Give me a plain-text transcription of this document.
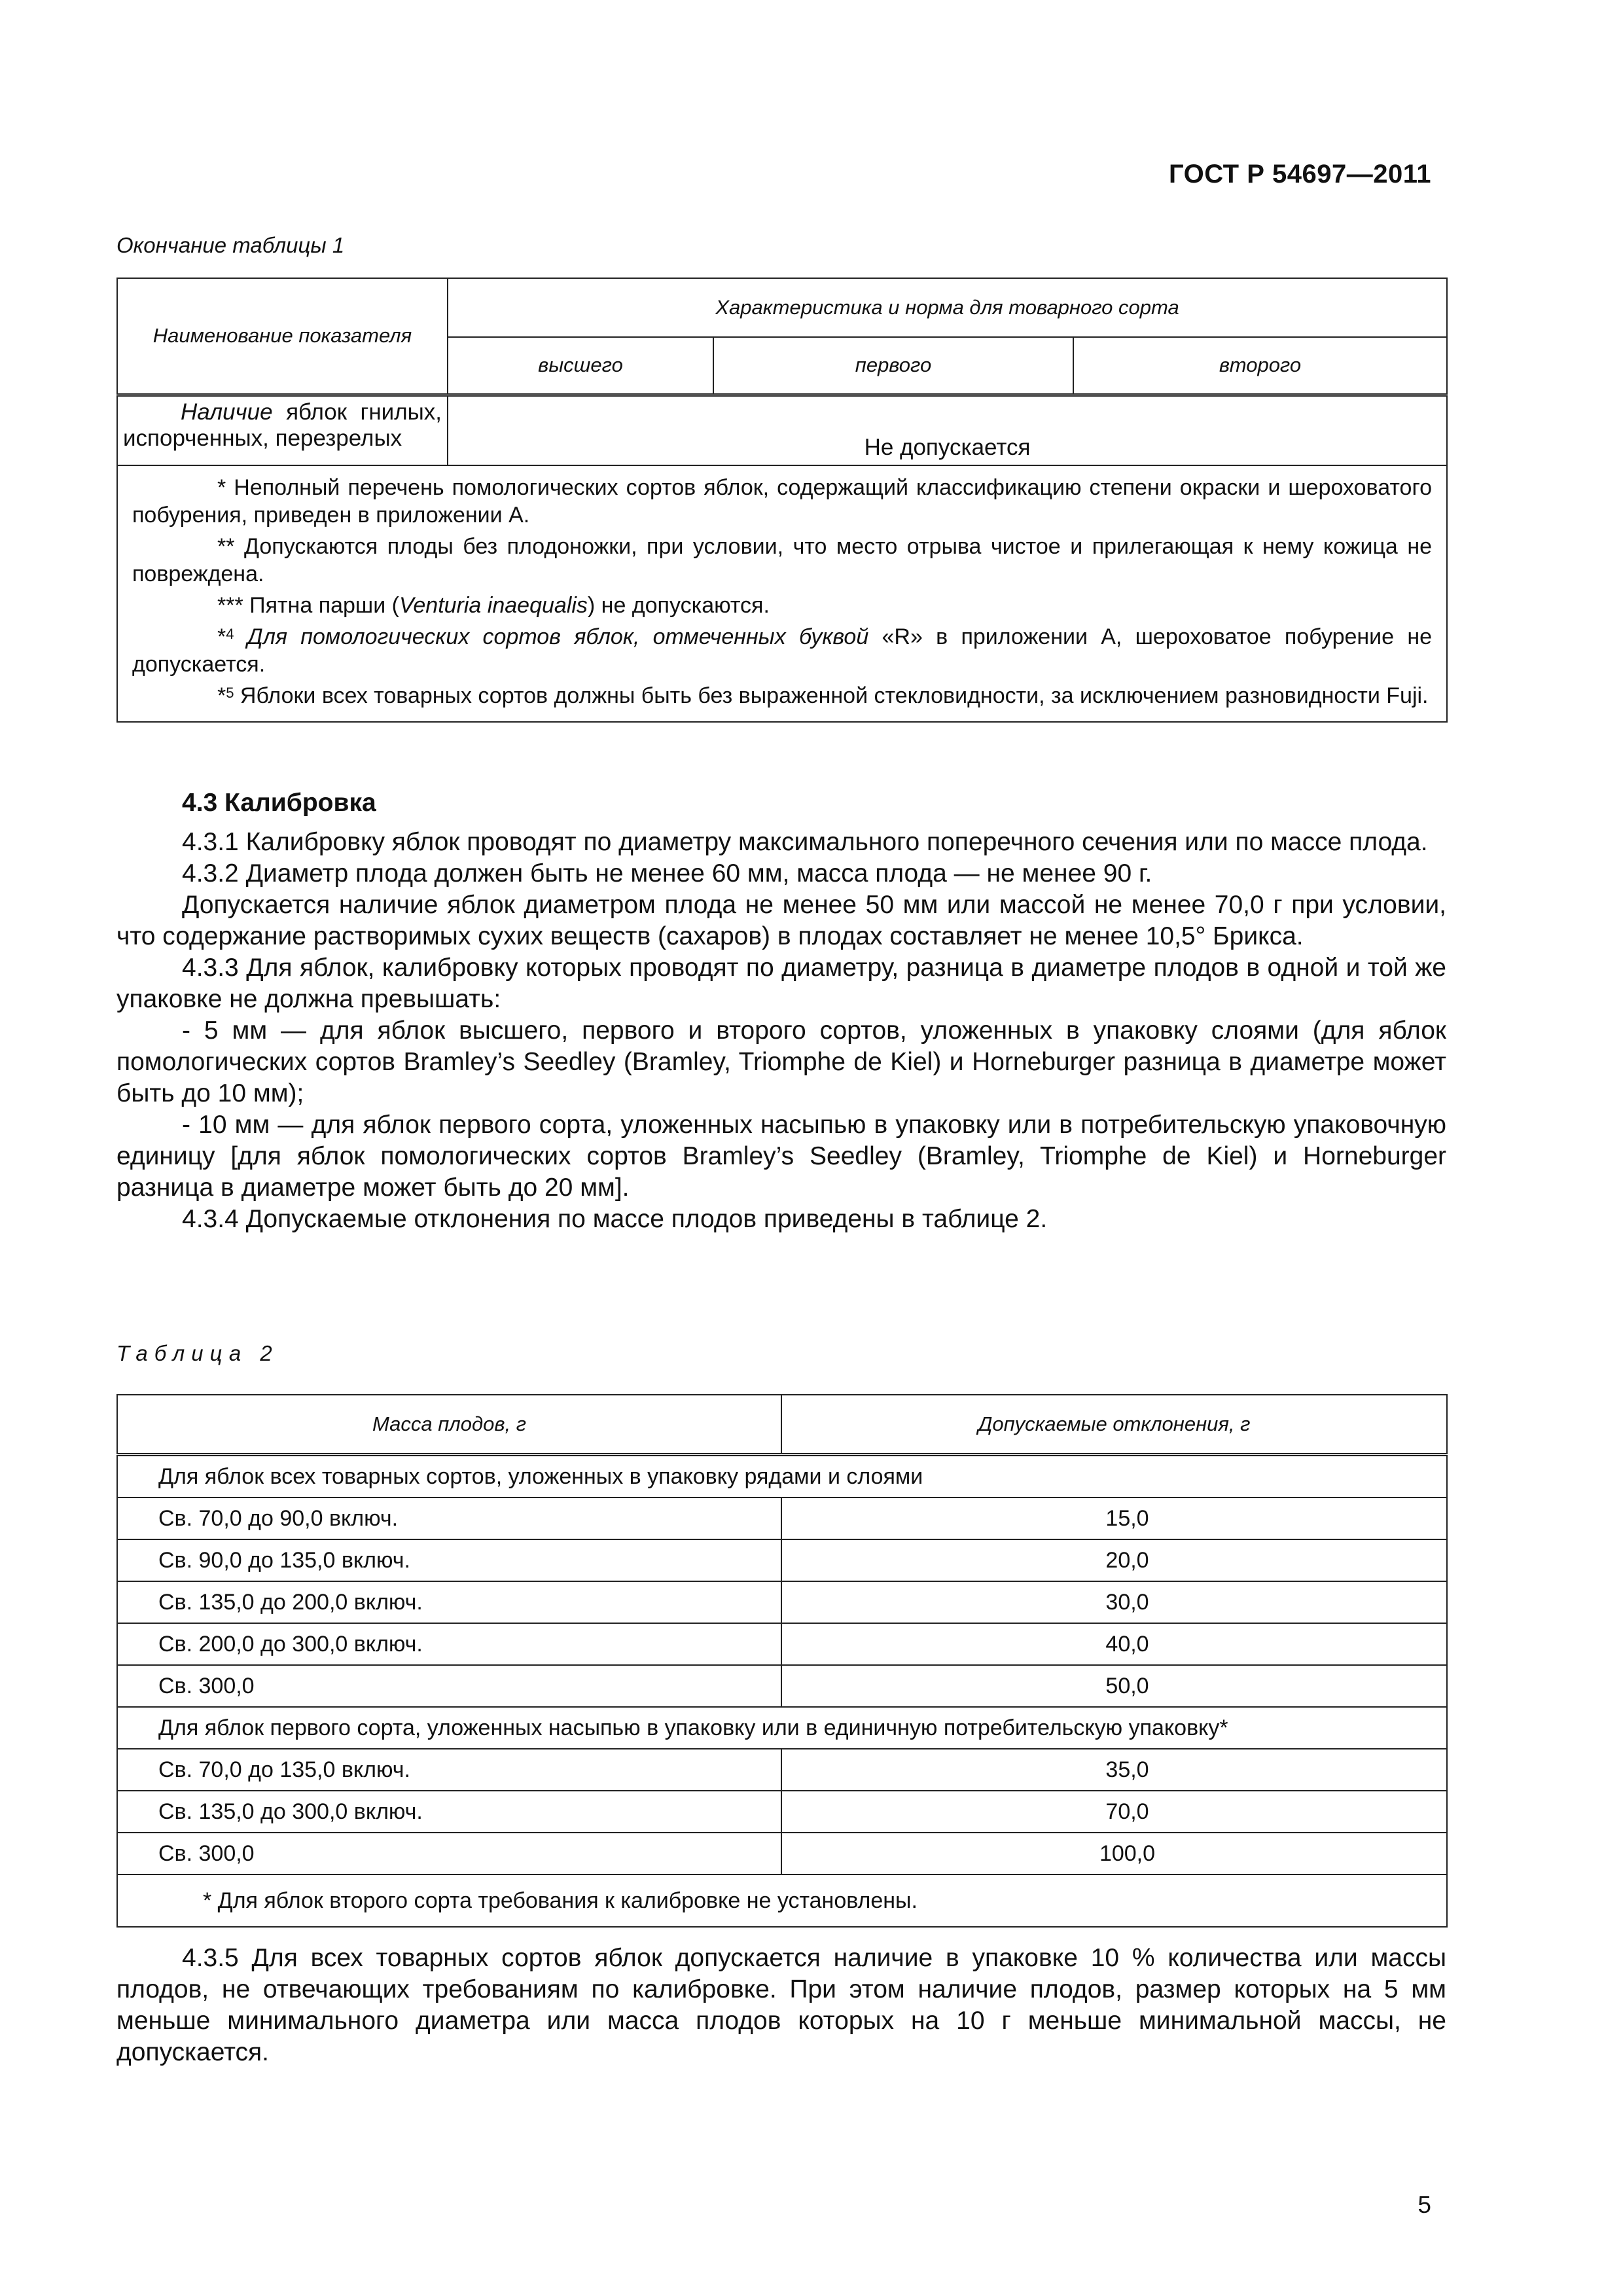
ГОСТ Р 54697—2011
Окончание таблицы 1
Наименование показателя	Характеристика и норма для товарного сорта		
	высшего	первого	второго

Наличие яблок гнилых, испорченных, перезрелых	Не допускается		

* Неполный перечень помологических сортов яблок, содержащий классификацию степени окраски и шероховатого побурения, приведен в приложении А.

** Допускаются плоды без плодоножки, при условии, что место отрыва чистое и прилегающая к нему кожица не повреждена.

*** Пятна парши (Venturia inaequalis) не допускаются.

*$^4$ Для помологических сортов яблок, отмеченных буквой «R» в приложении А, шероховатое побурение не допускается.

*$^5$ Яблоки всех товарных сортов должны быть без выраженной стекловидности, за исключением разновидности Fuji.			

4.3 Калибровка

4.3.1 Калибровку яблок проводят по диаметру максимального поперечного сечения или по массе плода.

4.3.2 Диаметр плода должен быть не менее 60 мм, масса плода — не менее 90 г.

Допускается наличие яблок диаметром плода не менее 50 мм или массой не менее 70,0 г при условии, что содержание растворимых сухих веществ (сахаров) в плодах составляет не менее 10,5° Брикса.

4.3.3 Для яблок, калибровку которых проводят по диаметру, разница в диаметре плодов в одной и той же упаковке не должна превышать:

- 5 мм — для яблок высшего, первого и второго сортов, уложенных в упаковку слоями (для яблок помологических сортов Bramley’s Seedley (Bramley, Triomphe de Kiel) и Horneburger разница в диаметре может быть до 10 мм);

- 10 мм — для яблок первого сорта, уложенных насыпью в упаковку или в потребительскую упаковочную единицу [для яблок помологических сортов Bramley’s Seedley (Bramley, Triomphe de Kiel) и Horneburger разница в диаметре может быть до 20 мм].

4.3.4 Допускаемые отклонения по массе плодов приведены в таблице 2.

Таблица 2
Масса плодов, г	Допускаемые отклонения, г
Для яблок всех товарных сортов, уложенных в упаковку рядами и слоями	
Св. 70,0 до 90,0 включ.	15,0
Св. 90,0 до 135,0 включ.	20,0
Св. 135,0 до 200,0 включ.	30,0
Св. 200,0 до 300,0 включ.	40,0
Св. 300,0	50,0
Для яблок первого сорта, уложенных насыпью в упаковку или в единичную потребительскую упаковку*	
Св. 70,0 до 135,0 включ.	35,0
Св. 135,0 до 300,0 включ.	70,0
Св. 300,0	100,0
* Для яблок второго сорта требования к калибровке не установлены.	

4.3.5 Для всех товарных сортов яблок допускается наличие в упаковке 10 % количества или массы плодов, не отвечающих требованиям по калибровке. При этом наличие плодов, размер которых на 5 мм меньше минимального диаметра или масса плодов которых на 10 г меньше минимальной массы, не допускается.

5
